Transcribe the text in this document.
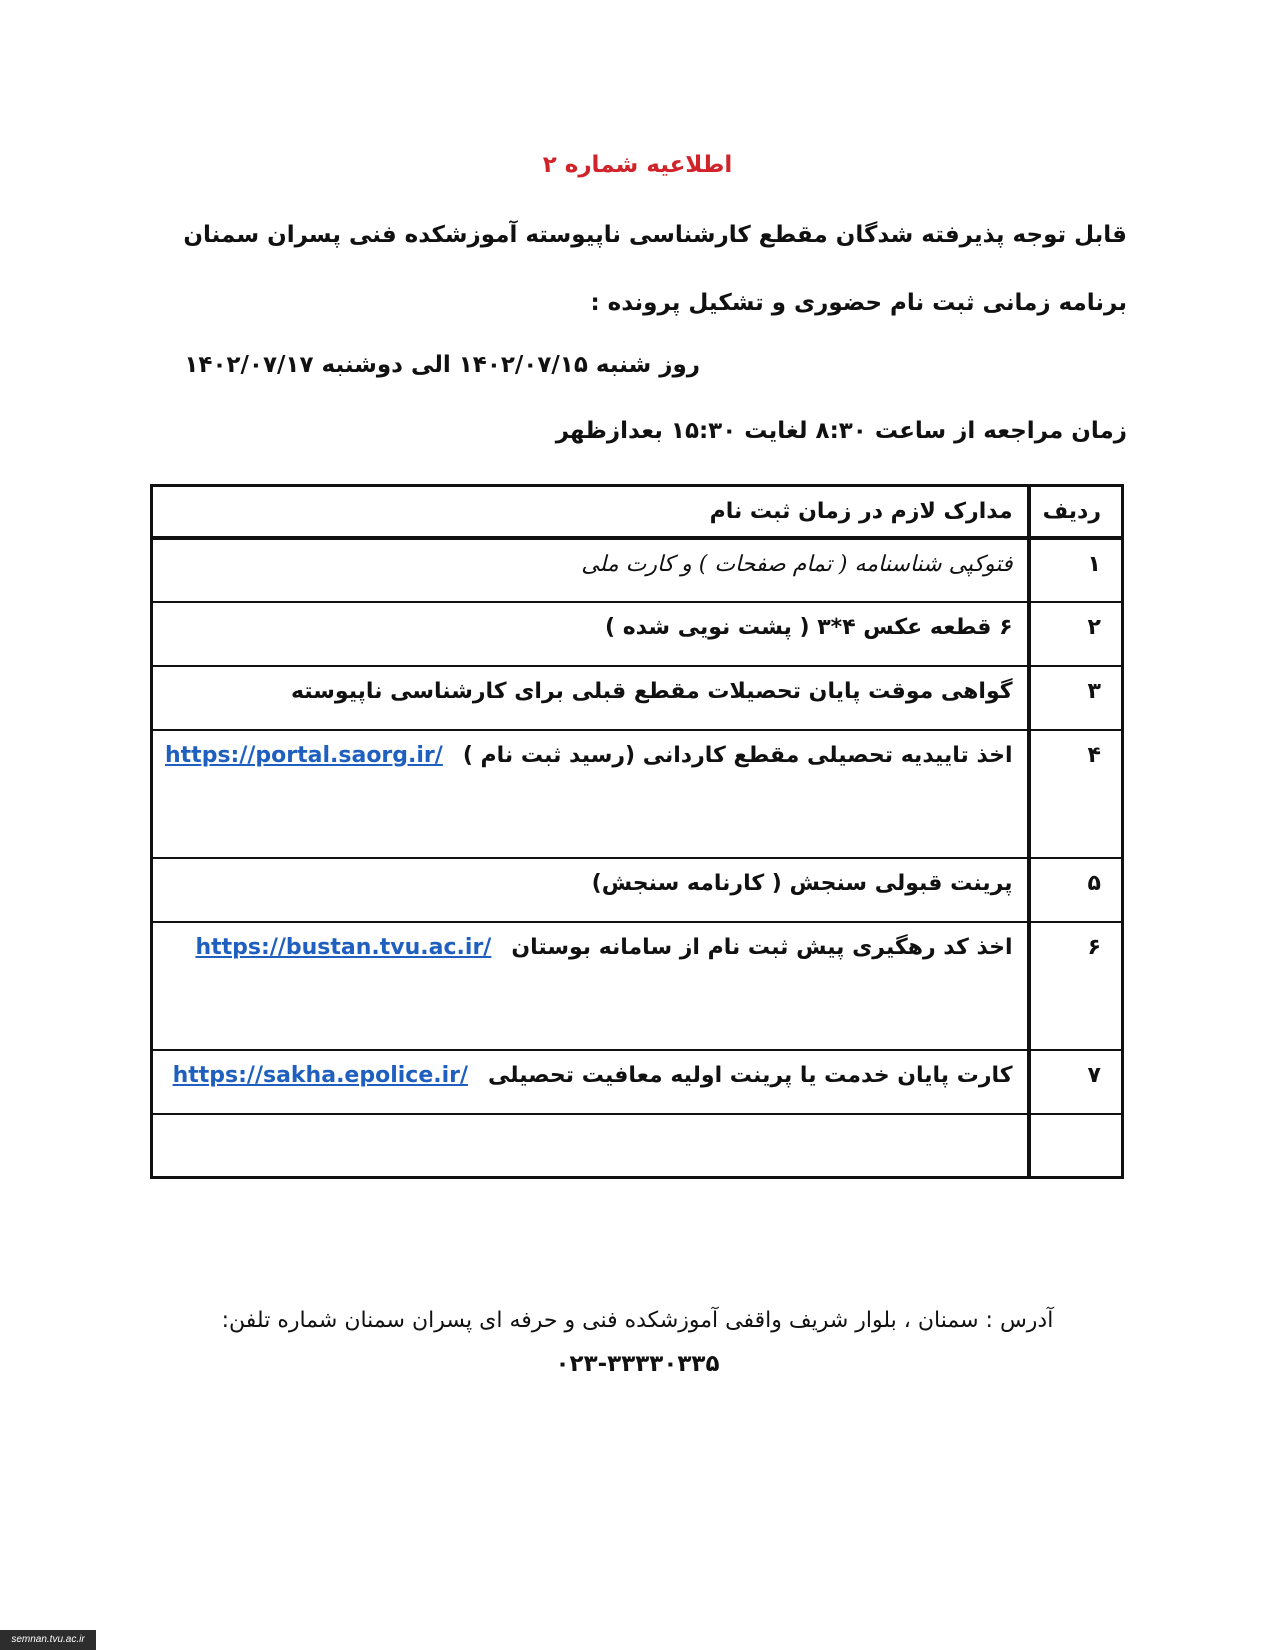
اطلاعیه شماره ۲
قابل توجه پذیرفته شدگان مقطع کارشناسی ناپیوسته آموزشکده فنی پسران سمنان
برنامه زمانی ثبت نام حضوری و تشکیل پرونده :
روز شنبه ۱۴۰۲/۰۷/۱۵ الی دوشنبه ۱۴۰۲/۰۷/۱۷
زمان مراجعه از ساعت ۸:۳۰ لغایت ۱۵:۳۰ بعدازظهر
ردیف	مدارک لازم در زمان ثبت نام
۱	فتوکپی شناسنامه ( تمام صفحات ) و کارت ملی
۲	۶ قطعه عکس ۴*۳ ( پشت نویی شده )
۳	گواهی موقت پایان تحصیلات مقطع قبلی برای کارشناسی ناپیوسته
۴	اخذ تاییدیه تحصیلی مقطع کاردانی (رسید ثبت نام )https://portal.saorg.ir/
۵	پرینت قبولی سنجش ( کارنامه سنجش)
۶	اخذ کد رهگیری پیش ثبت نام از سامانه بوستانhttps://bustan.tvu.ac.ir/
۷	کارت پایان خدمت یا پرینت اولیه معافیت تحصیلیhttps://sakha.epolice.ir/

آدرس : سمنان ، بلوار شریف واقفی آموزشکده فنی و حرفه ای پسران سمنان شماره تلفن:
۰۲۳-۳۳۳۳۰۳۳۵
semnan.tvu.ac.ir
